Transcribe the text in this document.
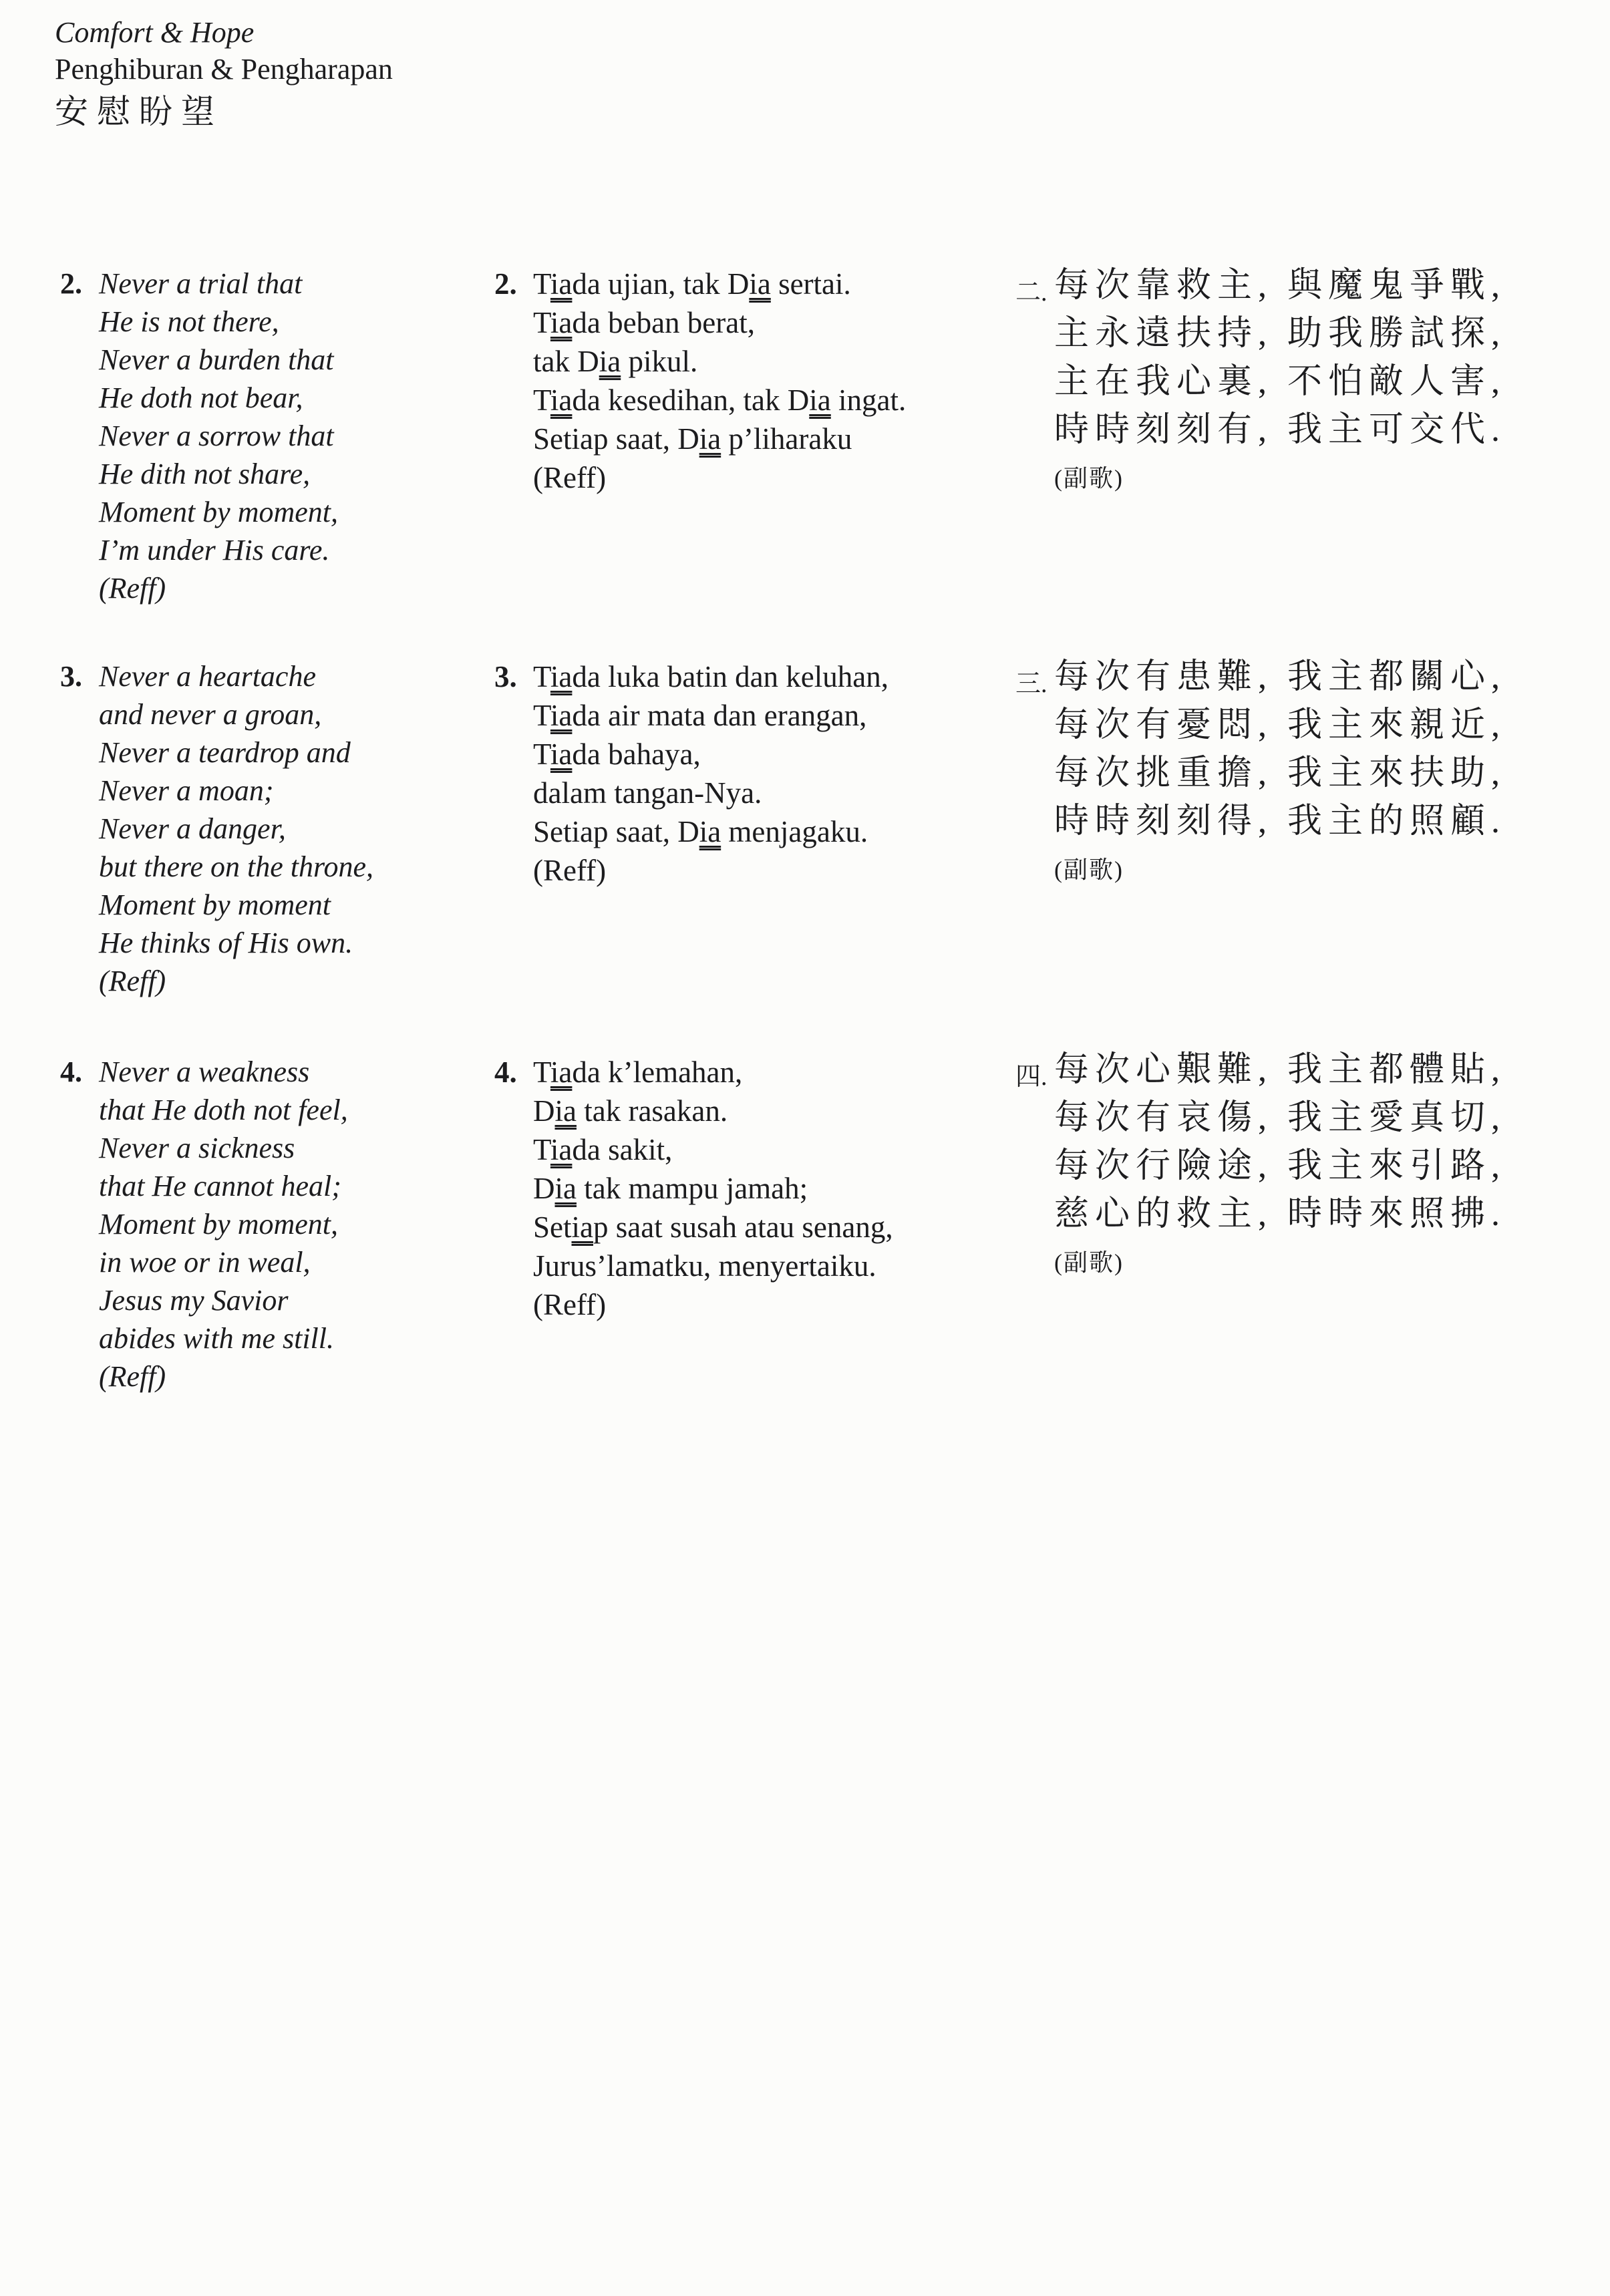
Comfort & Hope
Penghiburan & Pengharapan
安慰盼望
2. Never a trial that
He is not there,
Never a burden that
He doth not bear,
Never a sorrow that
He dith not share,
Moment by moment,
I’m under His care.
(Reff)
3. Never a heartache
and never a groan,
Never a teardrop and
Never a moan;
Never a danger,
but there on the throne,
Moment by moment
He thinks of His own.
(Reff)
4. Never a weakness
that He doth not feel,
Never a sickness
that He cannot heal;
Moment by moment,
in woe or in weal,
Jesus my Savior
abides with me still.
(Reff)
2. Tiada ujian, tak Dia sertai.
Tiada beban berat,
tak Dia pikul.
Tiada kesedihan, tak Dia ingat.
Setiap saat, Dia p’liharaku
(Reff)
3. Tiada luka batin dan keluhan,
Tiada air mata dan erangan,
Tiada bahaya,
dalam tangan-Nya.
Setiap saat, Dia menjagaku.
(Reff)
4. Tiada k’lemahan,
Dia tak rasakan.
Tiada sakit,
Dia tak mampu jamah;
Setiap saat susah atau senang,
Jurus’lamatku, menyertaiku.
(Reff)
二. 每次靠救主, 與魔鬼爭戰,
主永遠扶持, 助我勝試探,
主在我心裏, 不怕敵人害,
時時刻刻有, 我主可交代.
(副歌)
三. 每次有患難, 我主都關心,
每次有憂悶, 我主來親近,
每次挑重擔, 我主來扶助,
時時刻刻得, 我主的照顧.
(副歌)
四. 每次心艱難, 我主都體貼,
每次有哀傷, 我主愛真切,
每次行險途, 我主來引路,
慈心的救主, 時時來照拂.
(副歌)
